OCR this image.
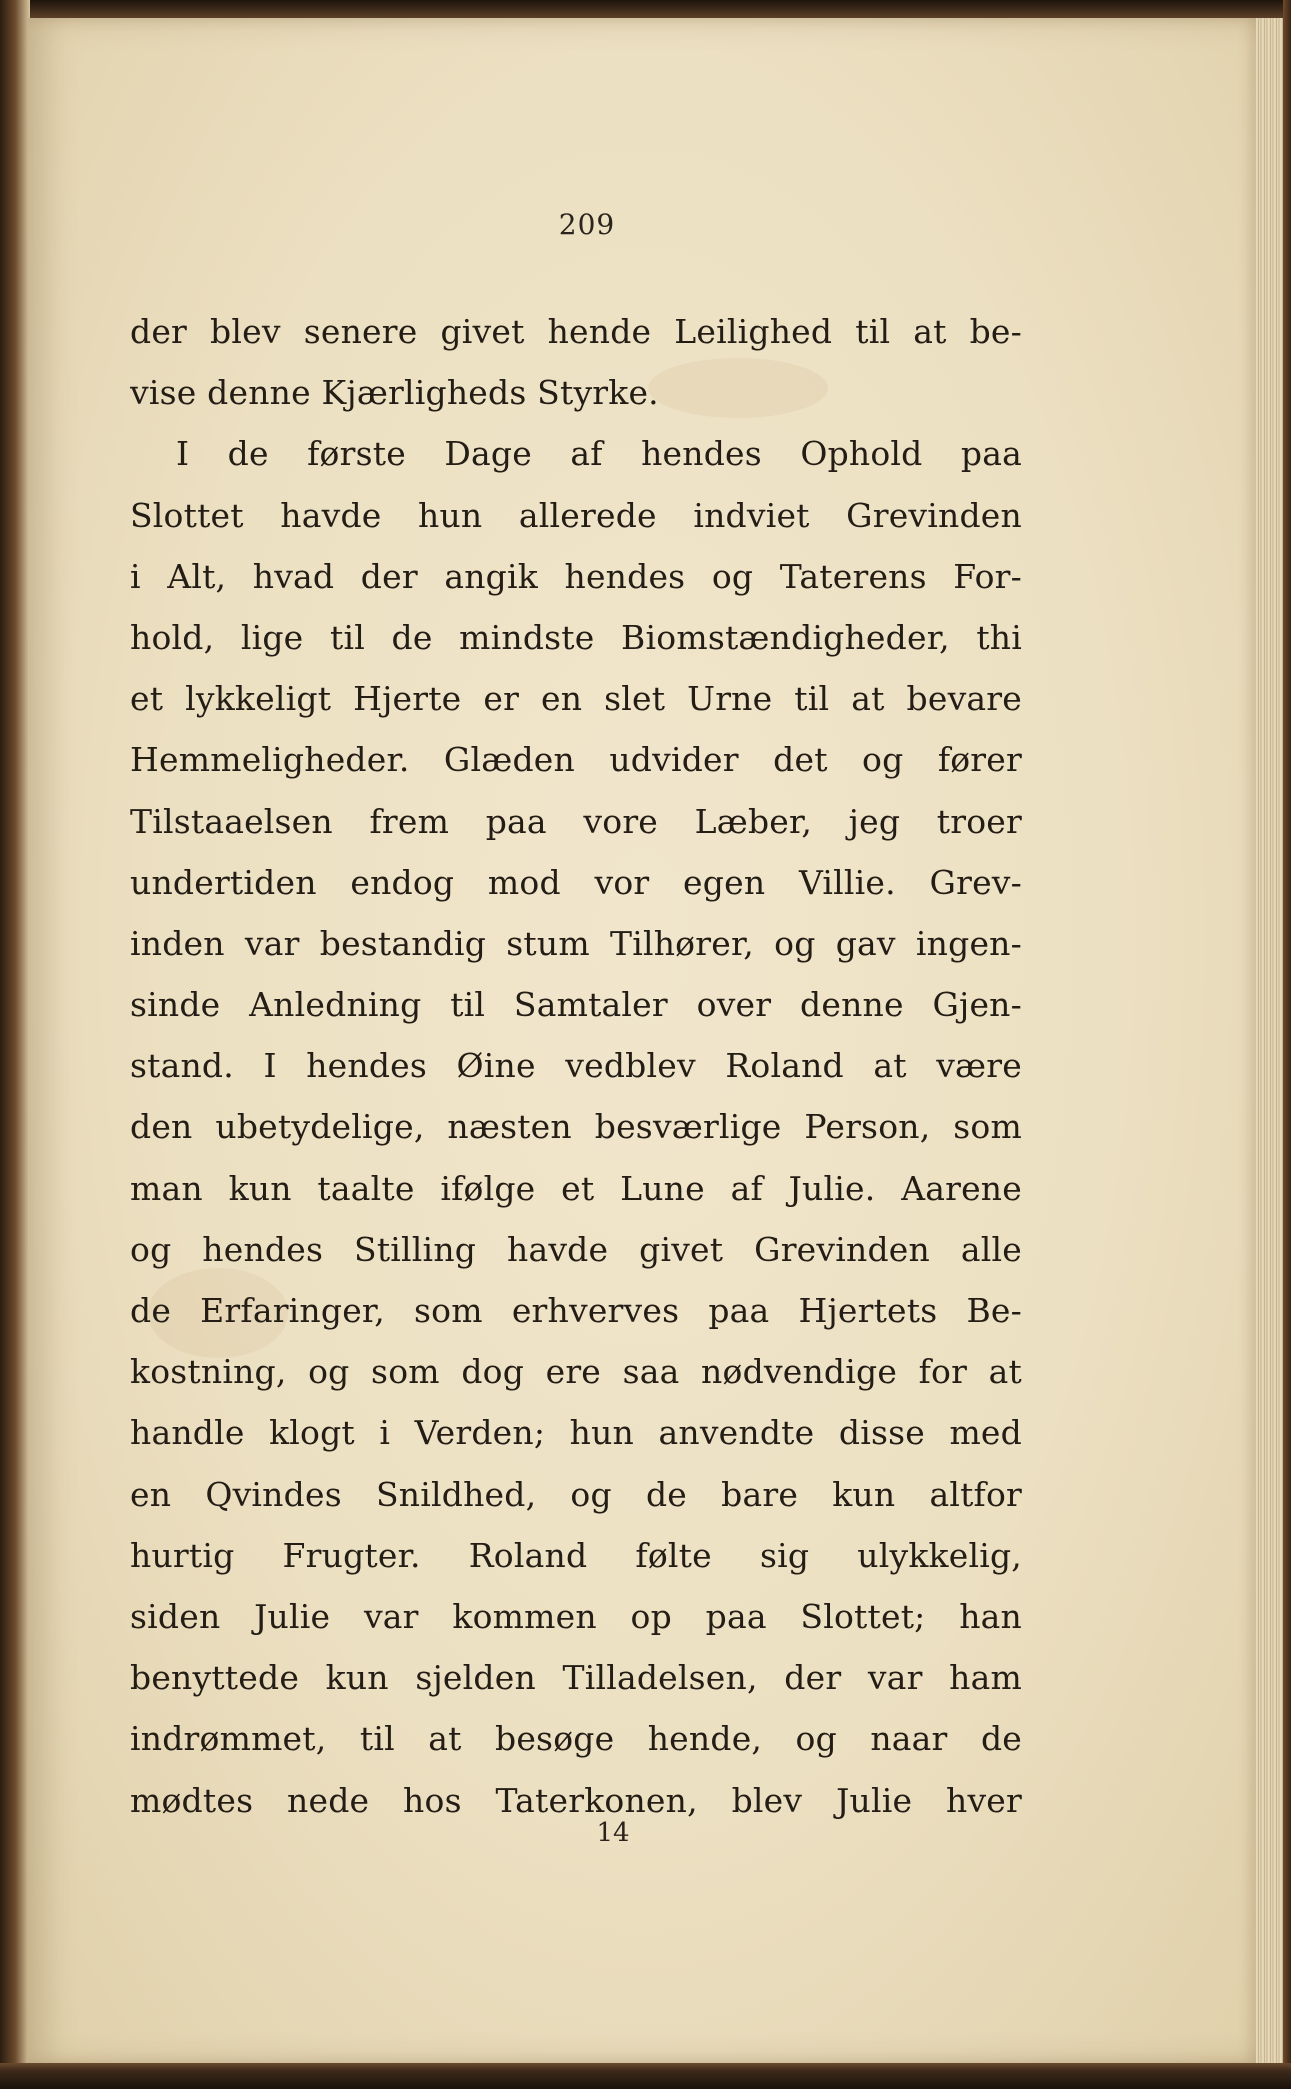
209
der blev senere givet hende Leilighed til at be-
vise denne Kjærligheds Styrke.
I de første Dage af hendes Ophold paa
Slottet havde hun allerede indviet Grevinden
i Alt, hvad der angik hendes og Taterens For-
hold, lige til de mindste Biomstændigheder, thi
et lykkeligt Hjerte er en slet Urne til at bevare
Hemmeligheder. Glæden udvider det og fører
Tilstaaelsen frem paa vore Læber, jeg troer
undertiden endog mod vor egen Villie. Grev-
inden var bestandig stum Tilhører, og gav ingen-
sinde Anledning til Samtaler over denne Gjen-
stand. I hendes Øine vedblev Roland at være
den ubetydelige, næsten besværlige Person, som
man kun taalte ifølge et Lune af Julie. Aarene
og hendes Stilling havde givet Grevinden alle
de Erfaringer, som erhverves paa Hjertets Be-
kostning, og som dog ere saa nødvendige for at
handle klogt i Verden; hun anvendte disse med
en Qvindes Snildhed, og de bare kun altfor
hurtig Frugter. Roland følte sig ulykkelig,
siden Julie var kommen op paa Slottet; han
benyttede kun sjelden Tilladelsen, der var ham
indrømmet, til at besøge hende, og naar de
mødtes nede hos Taterkonen, blev Julie hver
14
